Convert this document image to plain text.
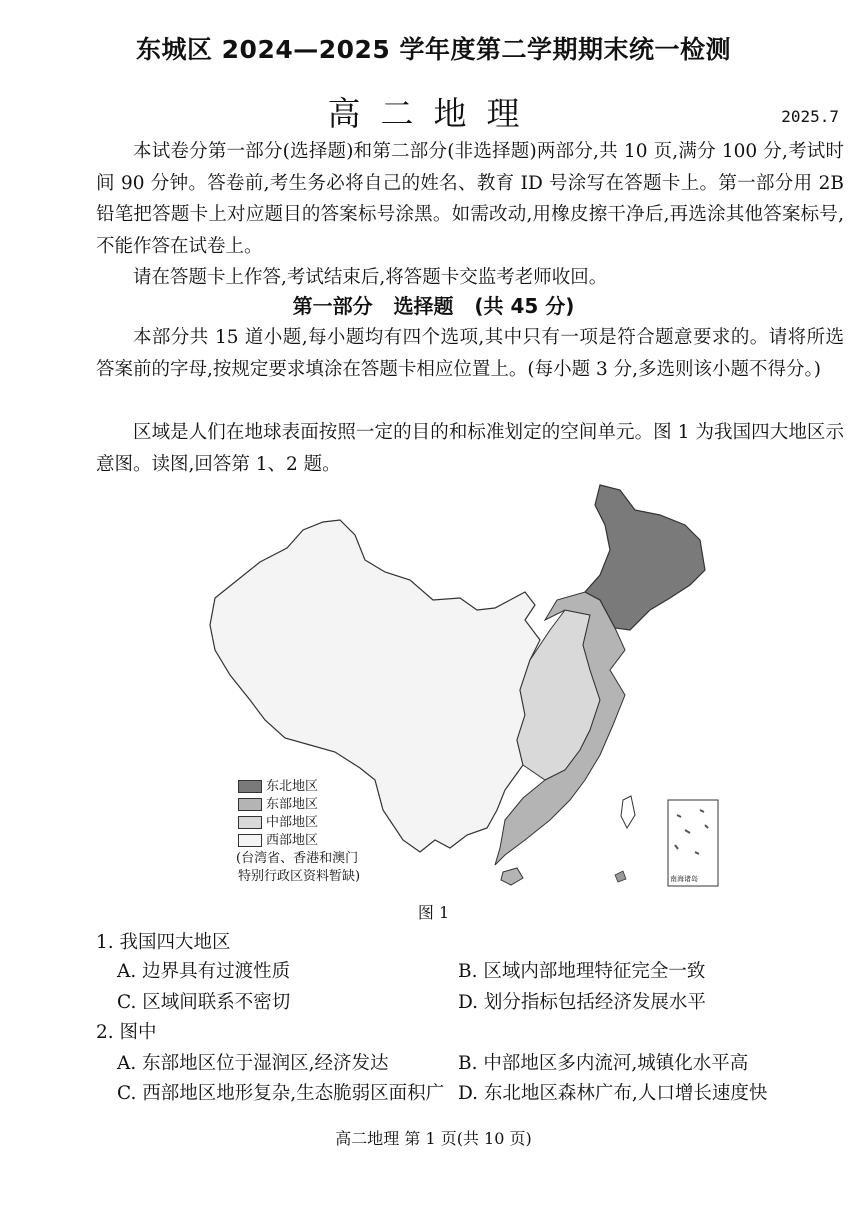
东城区 2024—2025 学年度第二学期期末统一检测
高二地理	2025.7

本试卷分第一部分(选择题)和第二部分(非选择题)两部分,共 10 页,满分 100 分,考试时间 90 分钟。答卷前,考生务必将自己的姓名、教育 ID 号涂写在答题卡上。第一部分用 2B 铅笔把答题卡上对应题目的答案标号涂黑。如需改动,用橡皮擦干净后,再选涂其他答案标号,不能作答在试卷上。

请在答题卡上作答,考试结束后,将答题卡交监考老师收回。

第一部分   选择题   (共 45 分)

本部分共 15 道小题,每小题均有四个选项,其中只有一项是符合题意要求的。请将所选答案前的字母,按规定要求填涂在答题卡相应位置上。(每小题 3 分,多选则该小题不得分。)

区域是人们在地球表面按照一定的目的和标准划定的空间单元。图 1 为我国四大地区示意图。读图,回答第 1、2 题。

南海诸岛
东北地区
东部地区
中部地区
西部地区
(台湾省、香港和澳门
特别行政区资料暂缺)
图 1
1. 我国四大地区
A. 边界具有过渡性质	B. 区域内部地理特征完全一致
C. 区域间联系不密切	D. 划分指标包括经济发展水平
2. 图中
A. 东部地区位于湿润区,经济发达	B. 中部地区多内流河,城镇化水平高
C. 西部地区地形复杂,生态脆弱区面积广 D. 东北地区森林广布,人口增长速度快
高二地理 第 1 页(共 10 页)
